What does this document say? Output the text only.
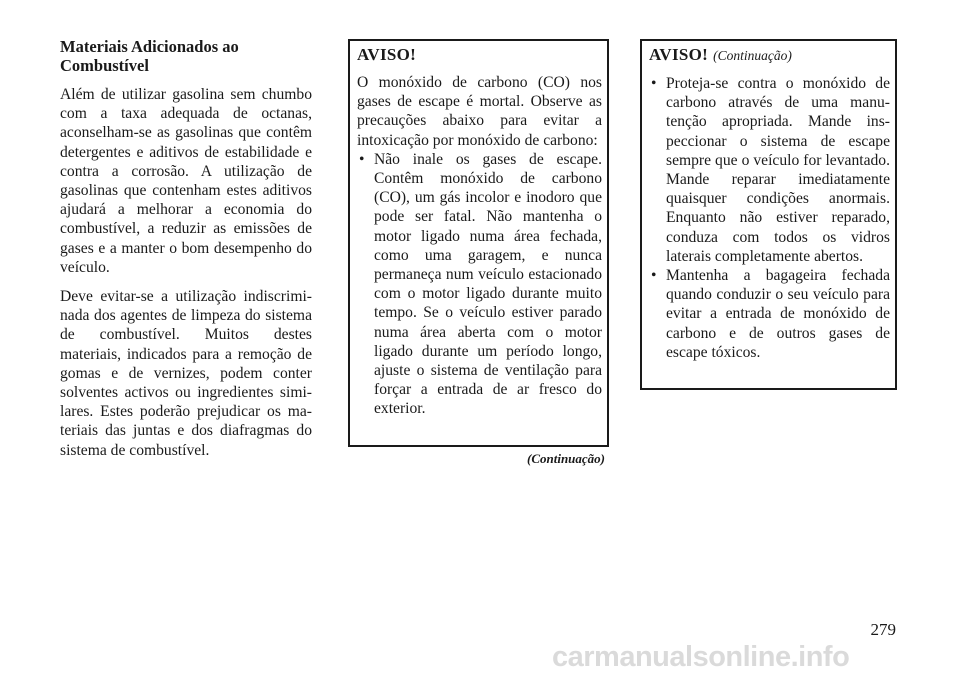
Materiais Adicionados ao
Combustível

Além de utilizar gasolina sem chumbo com a taxa adequada de octanas, aconselham-se as gasolinas que contêm detergentes e aditivos de estabilidade e contra a corrosão. A utilização de gasolinas que contenham estes aditivos ajudará a melhorar a economia do combustível, a reduzir as emissões de gases e a manter o bom desempenho do veículo.

Deve evitar-se a utilização indiscriminada dos agentes de limpeza do sistema de combustível. Muitos destes materiais, indicados para a remoção de gomas e de vernizes, podem conter solventes activos ou ingredientes similares. Estes poderão prejudicar os materiais das juntas e dos diafragmas do sistema de combustível.

AVISO!

O monóxido de carbono (CO) nos gases de escape é mortal. Observe as precauções abaixo para evitar a intoxicação por monóxido de carbono:

• Não inale os gases de escape. Contêm monóxido de carbono (CO), um gás incolor e inodoro que pode ser fatal. Não mantenha o motor ligado numa área fechada, como uma garagem, e nunca permaneça num veículo estacionado com o motor ligado durante muito tempo. Se o veículo estiver parado numa área aberta com o motor ligado durante um período longo, ajuste o sistema de ventilação para forçar a entrada de ar fresco do exterior.
(Continuação)
AVISO! (Continuação)
• Proteja-se contra o monóxido de carbono através de uma manutenção apropriada. Mande inspeccionar o sistema de escape sempre que o veículo for levantado. Mande reparar imediatamente quaisquer condições anormais. Enquanto não estiver reparado, conduza com todos os vidros laterais completamente abertos.
• Mantenha a bagageira fechada quando conduzir o seu veículo para evitar a entrada de monóxido de carbono e de outros gases de escape tóxicos.
279
carmanualsonline.info
